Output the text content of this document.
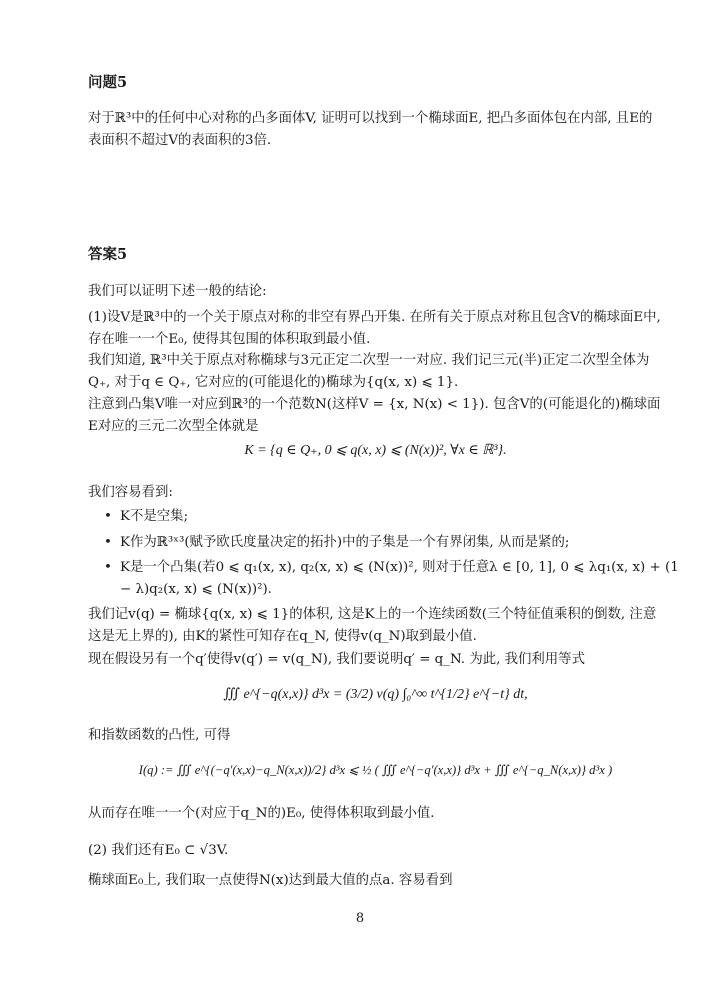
问题5

对于ℝ³中的任何中心对称的凸多面体V, 证明可以找到一个椭球面E, 把凸多面体包在内部, 且E的表面积不超过V的表面积的3倍.

答案5

我们可以证明下述一般的结论:

(1)设V是ℝ³中的一个关于原点对称的非空有界凸开集. 在所有关于原点对称且包含V的椭球面E中, 存在唯一一个E₀, 使得其包围的体积取到最小值.

我们知道, ℝ³中关于原点对称椭球与3元正定二次型一一对应. 我们记三元(半)正定二次型全体为Q₊, 对于q ∈ Q₊, 它对应的(可能退化的)椭球为{q(x, x) ⩽ 1}.

注意到凸集V唯一对应到ℝ³的一个范数N(这样V = {x, N(x) < 1}). 包含V的(可能退化的)椭球面E对应的三元二次型全体就是

K = {q ∈ Q₊, 0 ⩽ q(x, x) ⩽ (N(x))², ∀x ∈ ℝ³}.

我们容易看到:

• K不是空集;
• K作为ℝ³ˣ³(赋予欧氏度量决定的拓扑)中的子集是一个有界闭集, 从而是紧的;
• K是一个凸集(若0 ⩽ q₁(x, x), q₂(x, x) ⩽ (N(x))², 则对于任意λ ∈ [0, 1], 0 ⩽ λq₁(x, x) + (1 − λ)q₂(x, x) ⩽ (N(x))²).

我们记v(q) = 椭球{q(x, x) ⩽ 1}的体积, 这是K上的一个连续函数(三个特征值乘积的倒数, 注意这是无上界的), 由K的紧性可知存在q_N, 使得v(q_N)取到最小值.

现在假设另有一个q′使得v(q′) = v(q_N), 我们要说明q′ = q_N. 为此, 我们利用等式

∭ e^{−q(x,x)} d³x = (3/2) v(q) ∫₀^∞ t^{1/2} e^{−t} dt,

和指数函数的凸性, 可得

I(q) := ∭ e^{(−q′(x,x)−q_N(x,x))/2} d³x ⩽ ½ ( ∭ e^{−q′(x,x)} d³x + ∭ e^{−q_N(x,x)} d³x )

从而存在唯一一个(对应于q_N的)E₀, 使得体积取到最小值.

(2) 我们还有E₀ ⊂ √3V.

椭球面E₀上, 我们取一点使得N(x)达到最大值的点a. 容易看到

8
